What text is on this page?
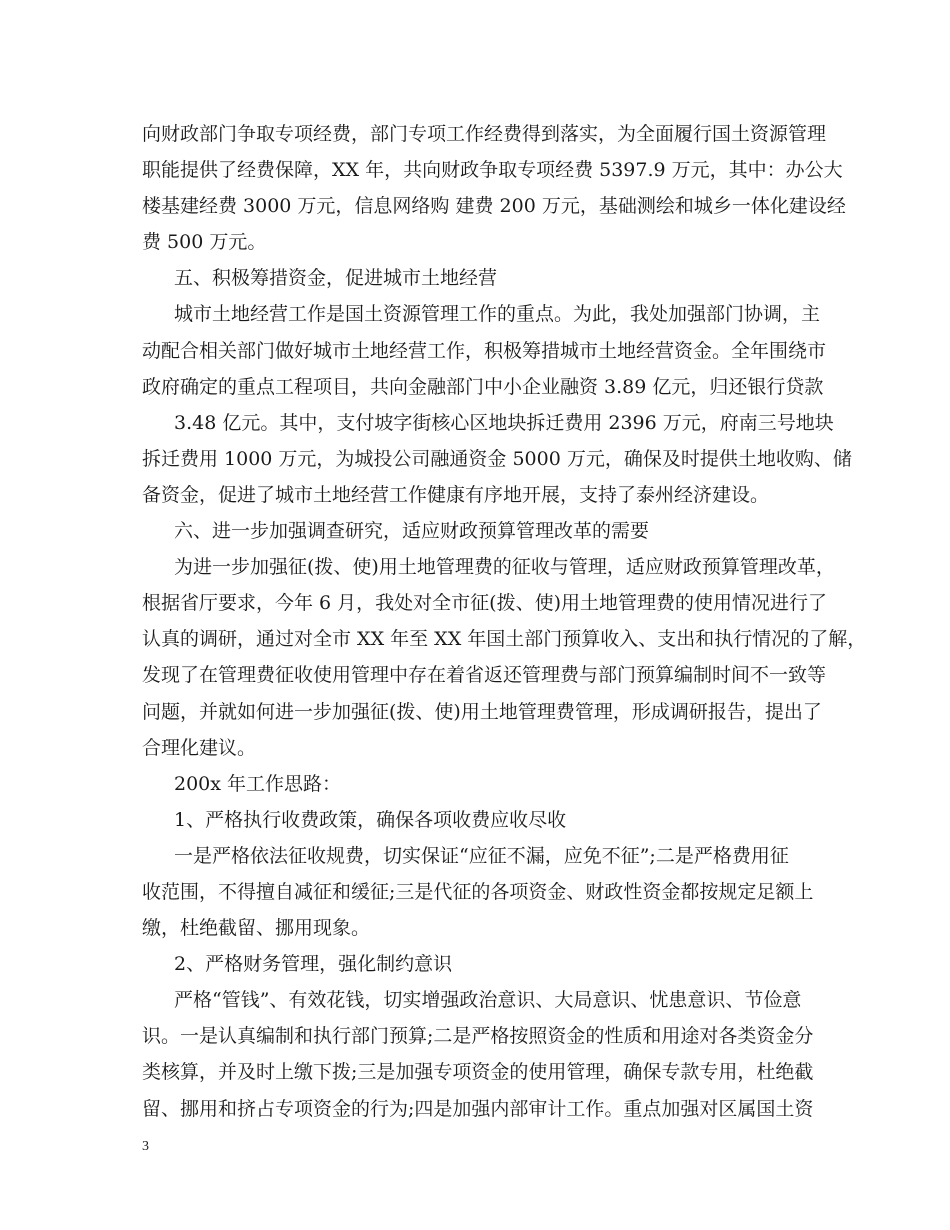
向财政部门争取专项经费，部门专项工作经费得到落实，为全面履行国土资源管理
职能提供了经费保障，XX 年，共向财政争取专项经费 5397.9 万元，其中：办公大
楼基建经费 3000 万元，信息网络购 建费 200 万元，基础测绘和城乡一体化建设经
费 500 万元。
五、积极筹措资金，促进城市土地经营
城市土地经营工作是国土资源管理工作的重点。为此，我处加强部门协调，主
动配合相关部门做好城市土地经营工作，积极筹措城市土地经营资金。全年围绕市
政府确定的重点工程项目，共向金融部门中小企业融资 3.89 亿元，归还银行贷款
3.48 亿元。其中，支付坡字街核心区地块拆迁费用 2396 万元，府南三号地块
拆迁费用 1000 万元，为城投公司融通资金 5000 万元，确保及时提供土地收购、储
备资金，促进了城市土地经营工作健康有序地开展，支持了泰州经济建设。
六、进一步加强调查研究，适应财政预算管理改革的需要
为进一步加强征(拨、使)用土地管理费的征收与管理，适应财政预算管理改革，
根据省厅要求，今年 6 月，我处对全市征(拨、使)用土地管理费的使用情况进行了
认真的调研，通过对全市 XX 年至 XX 年国土部门预算收入、支出和执行情况的了解，
发现了在管理费征收使用管理中存在着省返还管理费与部门预算编制时间不一致等
问题，并就如何进一步加强征(拨、使)用土地管理费管理，形成调研报告，提出了
合理化建议。
200x 年工作思路：
1、严格执行收费政策，确保各项收费应收尽收
一是严格依法征收规费，切实保证“应征不漏，应免不征”;二是严格费用征
收范围，不得擅自减征和缓征;三是代征的各项资金、财政性资金都按规定足额上
缴，杜绝截留、挪用现象。
2、严格财务管理，强化制约意识
严格“管钱”、有效花钱，切实增强政治意识、大局意识、忧患意识、节俭意
识。一是认真编制和执行部门预算;二是严格按照资金的性质和用途对各类资金分
类核算，并及时上缴下拨;三是加强专项资金的使用管理，确保专款专用，杜绝截
留、挪用和挤占专项资金的行为;四是加强内部审计工作。重点加强对区属国土资
3
